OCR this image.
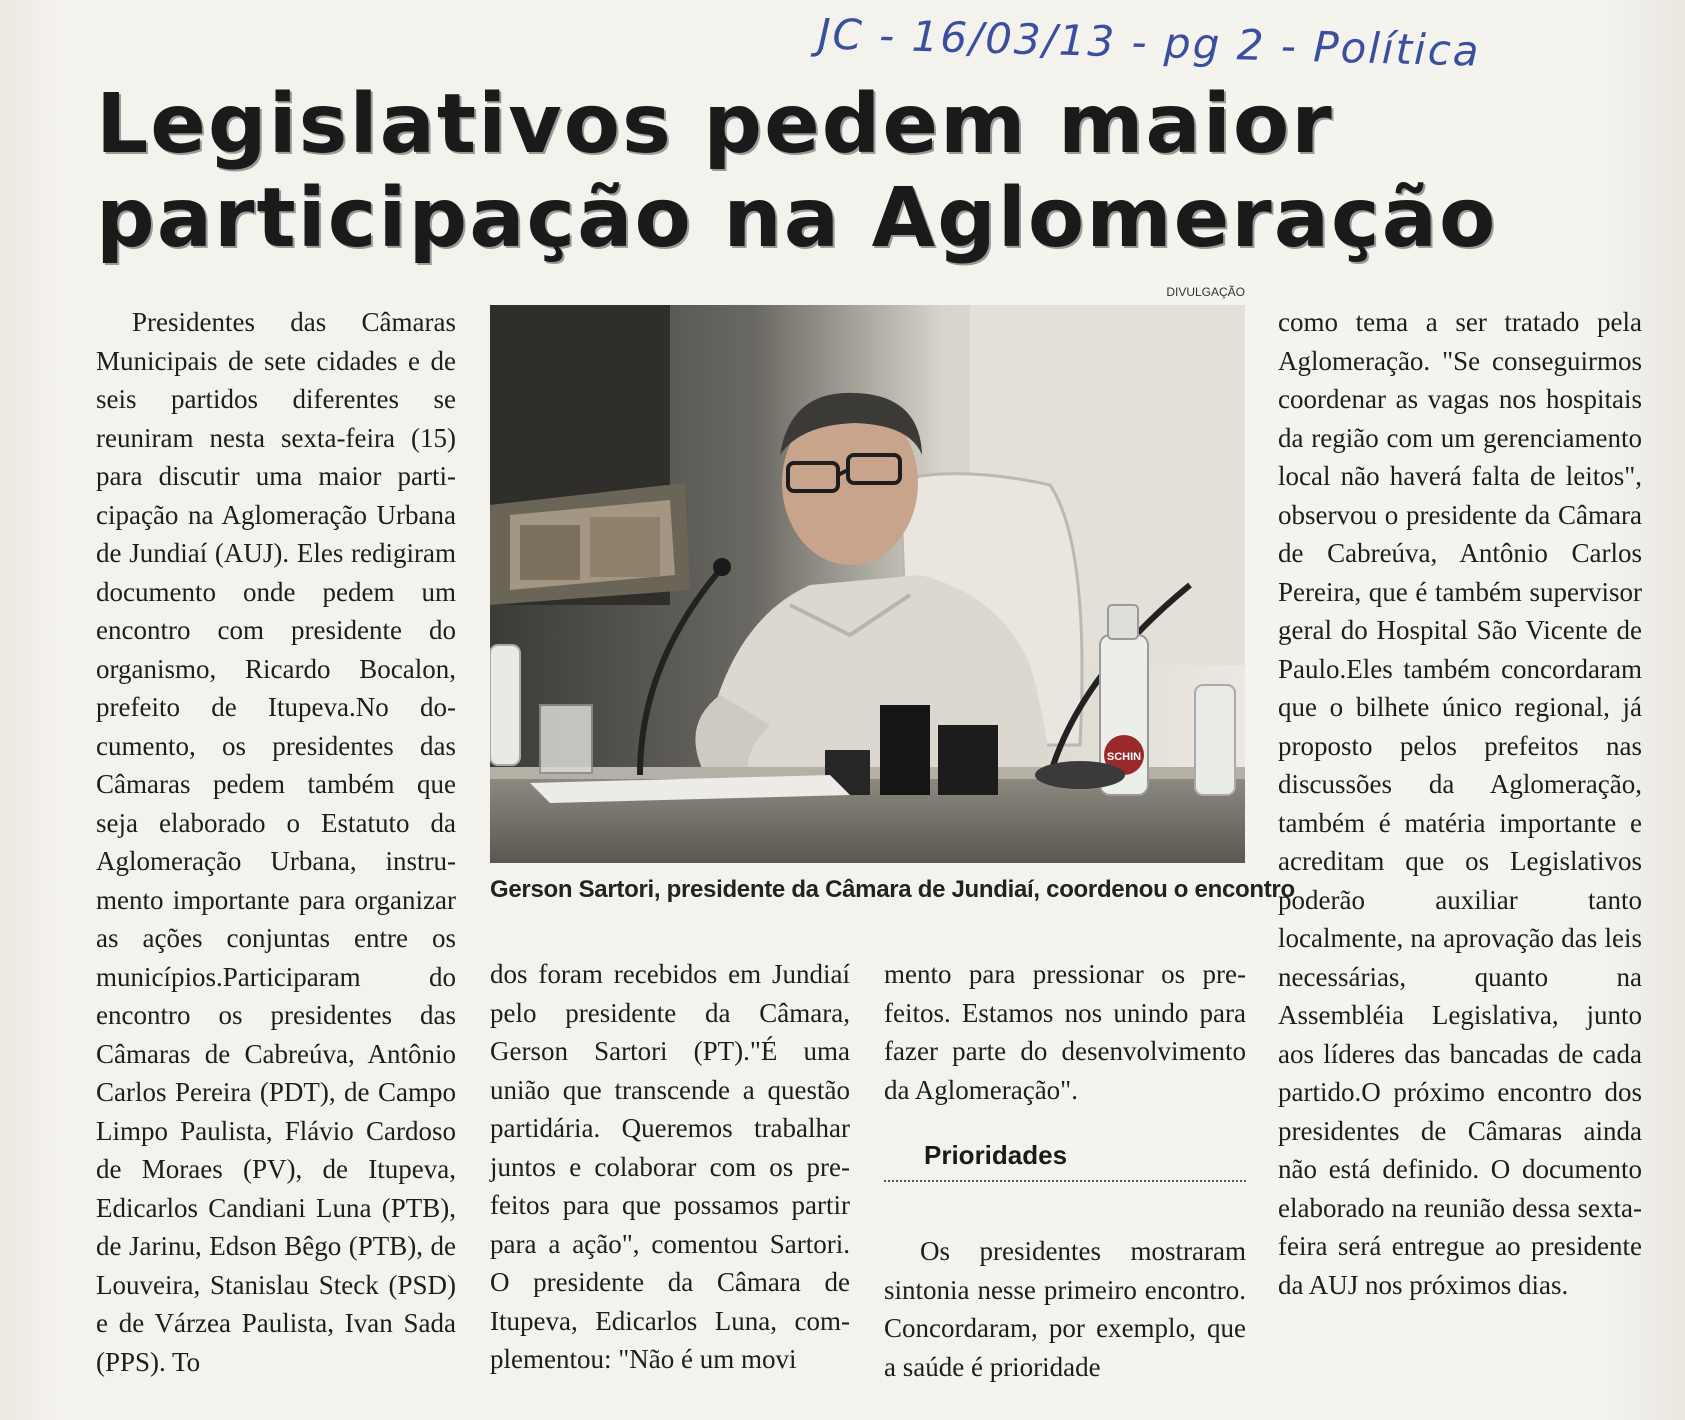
JC - 16/03/13 - pg 2 - Política
Legislativos pedem maior participação na Aglomeração

Presidentes das Câmaras Municipais de sete cidades e de seis partidos diferentes se reuniram nesta sexta-feira (15) para discutir uma maior participação na Aglomeração Urbana de Jundiaí (AUJ). Eles redigiram documento onde pedem um encontro com presidente do organismo, Ricardo Bocalon, prefeito de Itupeva.No documento, os presidentes das Câmaras pedem também que seja elaborado o Estatuto da Aglomeração Urbana, instrumento importante para organizar as ações conjuntas entre os municípios.Participaram do encontro os presidentes das Câmaras de Cabreúva, Antônio Carlos Pereira (PDT), de Campo Limpo Paulista, Flávio Cardoso de Moraes (PV), de Itupeva, Edicarlos Candiani Luna (PTB), de Jarinu, Edson Bêgo (PTB), de Louveira, Stanislau Steck (PSD) e de Várzea Paulista, Ivan Sada (PPS). To

DIVULGAÇÃO
SCHIN
Gerson Sartori, presidente da Câmara de Jundiaí, coordenou o encontro

dos foram recebidos em Jundiaí pelo presidente da Câmara, Gerson Sartori (PT)."É uma união que transcende a questão partidária. Queremos trabalhar juntos e colaborar com os prefeitos para que possamos partir para a ação", comentou Sartori. O presidente da Câmara de Itupeva, Edicarlos Luna, complementou: "Não é um movi

mento para pressionar os prefeitos. Estamos nos unindo para fazer parte do desenvolvimento da Aglomeração".

Prioridades

Os presidentes mostraram sintonia nesse primeiro encontro. Concordaram, por exemplo, que a saúde é prioridade

como tema a ser tratado pela Aglomeração. "Se conseguirmos coordenar as vagas nos hospitais da região com um gerenciamento local não haverá falta de leitos", observou o presidente da Câmara de Cabreúva, Antônio Carlos Pereira, que é também supervisor geral do Hospital São Vicente de Paulo.Eles também concordaram que o bilhete único regional, já proposto pelos prefeitos nas discussões da Aglomeração, também é matéria importante e acreditam que os Legislativos poderão auxiliar tanto localmente, na aprovação das leis necessárias, quanto na Assembléia Legislativa, junto aos líderes das bancadas de cada partido.O próximo encontro dos presidentes de Câmaras ainda não está definido. O documento elaborado na reunião dessa sexta-feira será entregue ao presidente da AUJ nos próximos dias.
